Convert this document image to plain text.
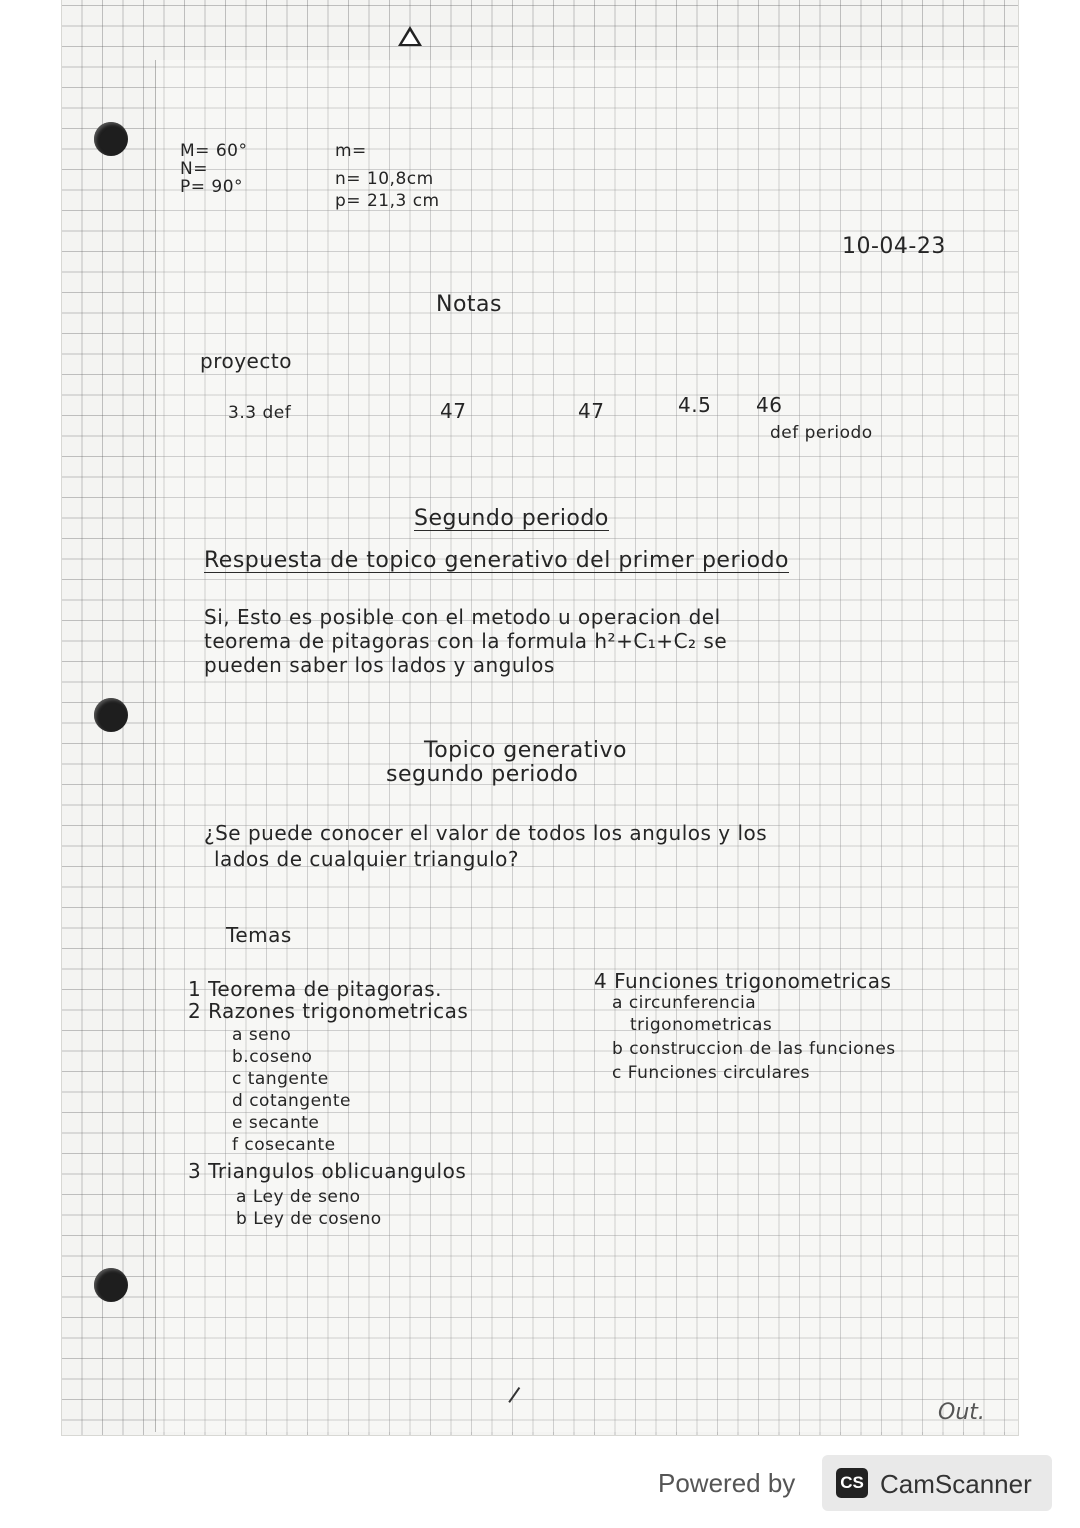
M= 60°
N=
P= 90°
m=
n= 10,8cm
p= 21,3 cm
10-04-23
Notas
proyecto
3.3 def	47	47	4.5 46
def periodo
Segundo periodo
Respuesta de topico generativo del primer periodo
Si, Esto es posible con el metodo u operacion del
teorema de pitagoras con la formula h²+C₁+C₂ se
pueden saber los lados y angulos
Topico generativo
segundo periodo
¿Se puede conocer el valor de todos los angulos y los
lados de cualquier triangulo?
Temas
1 Teorema de pitagoras.
2 Razones trigonometricas
a seno
b.coseno
c tangente
d cotangente
e secante
f cosecante
3 Triangulos oblicuangulos
a Ley de seno
b Ley de coseno
4 Funciones trigonometricas
a circunferencia
trigonometricas
b construccion de las funciones
c Funciones circulares
Out.
Powered by	CS CamScanner
